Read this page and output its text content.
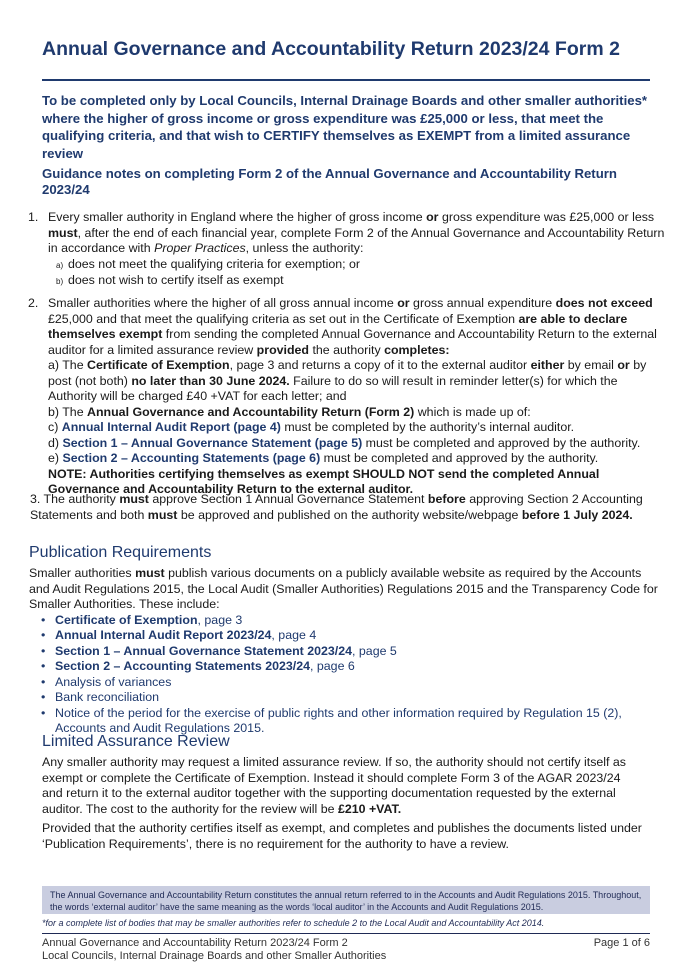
Annual Governance and Accountability Return 2023/24 Form 2
To be completed only by Local Councils, Internal Drainage Boards and other smaller authorities* where the higher of gross income or gross expenditure was £25,000 or less, that meet the qualifying criteria, and that wish to CERTIFY themselves as EXEMPT from a limited assurance review
Guidance notes on completing Form 2 of the Annual Governance and Accountability Return 2023/24
1. Every smaller authority in England where the higher of gross income or gross expenditure was £25,000 or less must, after the end of each financial year, complete Form 2 of the Annual Governance and Accountability Return in accordance with Proper Practices, unless the authority:
a) does not meet the qualifying criteria for exemption; or
b) does not wish to certify itself as exempt
2. Smaller authorities where the higher of all gross annual income or gross annual expenditure does not exceed £25,000 and that meet the qualifying criteria as set out in the Certificate of Exemption are able to declare themselves exempt from sending the completed Annual Governance and Accountability Return to the external auditor for a limited assurance review provided the authority completes:
a) The Certificate of Exemption, page 3 and returns a copy of it to the external auditor either by email or by post (not both) no later than 30 June 2024. Failure to do so will result in reminder letter(s) for which the Authority will be charged £40 +VAT for each letter; and
b) The Annual Governance and Accountability Return (Form 2) which is made up of:
c) Annual Internal Audit Report (page 4) must be completed by the authority’s internal auditor.
d) Section 1 – Annual Governance Statement (page 5) must be completed and approved by the authority.
e) Section 2 – Accounting Statements (page 6) must be completed and approved by the authority.
NOTE: Authorities certifying themselves as exempt SHOULD NOT send the completed Annual Governance and Accountability Return to the external auditor.
3. The authority must approve Section 1 Annual Governance Statement before approving Section 2 Accounting Statements and both must be approved and published on the authority website/webpage before 1 July 2024.
Publication Requirements
Smaller authorities must publish various documents on a publicly available website as required by the Accounts and Audit Regulations 2015, the Local Audit (Smaller Authorities) Regulations 2015 and the Transparency Code for Smaller Authorities. These include:
• Certificate of Exemption, page 3
• Annual Internal Audit Report 2023/24, page 4
• Section 1 – Annual Governance Statement 2023/24, page 5
• Section 2 – Accounting Statements 2023/24, page 6
• Analysis of variances
• Bank reconciliation
• Notice of the period for the exercise of public rights and other information required by Regulation 15 (2), Accounts and Audit Regulations 2015.
Limited Assurance Review
Any smaller authority may request a limited assurance review. If so, the authority should not certify itself as exempt or complete the Certificate of Exemption. Instead it should complete Form 3 of the AGAR 2023/24 and return it to the external auditor together with the supporting documentation requested by the external auditor. The cost to the authority for the review will be £210 +VAT.
Provided that the authority certifies itself as exempt, and completes and publishes the documents listed under ‘Publication Requirements’, there is no requirement for the authority to have a review.
The Annual Governance and Accountability Return constitutes the annual return referred to in the Accounts and Audit Regulations 2015. Throughout, the words ‘external auditor’ have the same meaning as the words ‘local auditor’ in the Accounts and Audit Regulations 2015.
*for a complete list of bodies that may be smaller authorities refer to schedule 2 to the Local Audit and Accountability Act 2014.
Annual Governance and Accountability Return 2023/24 Form 2
Local Councils, Internal Drainage Boards and other Smaller Authorities
Page 1 of 6
